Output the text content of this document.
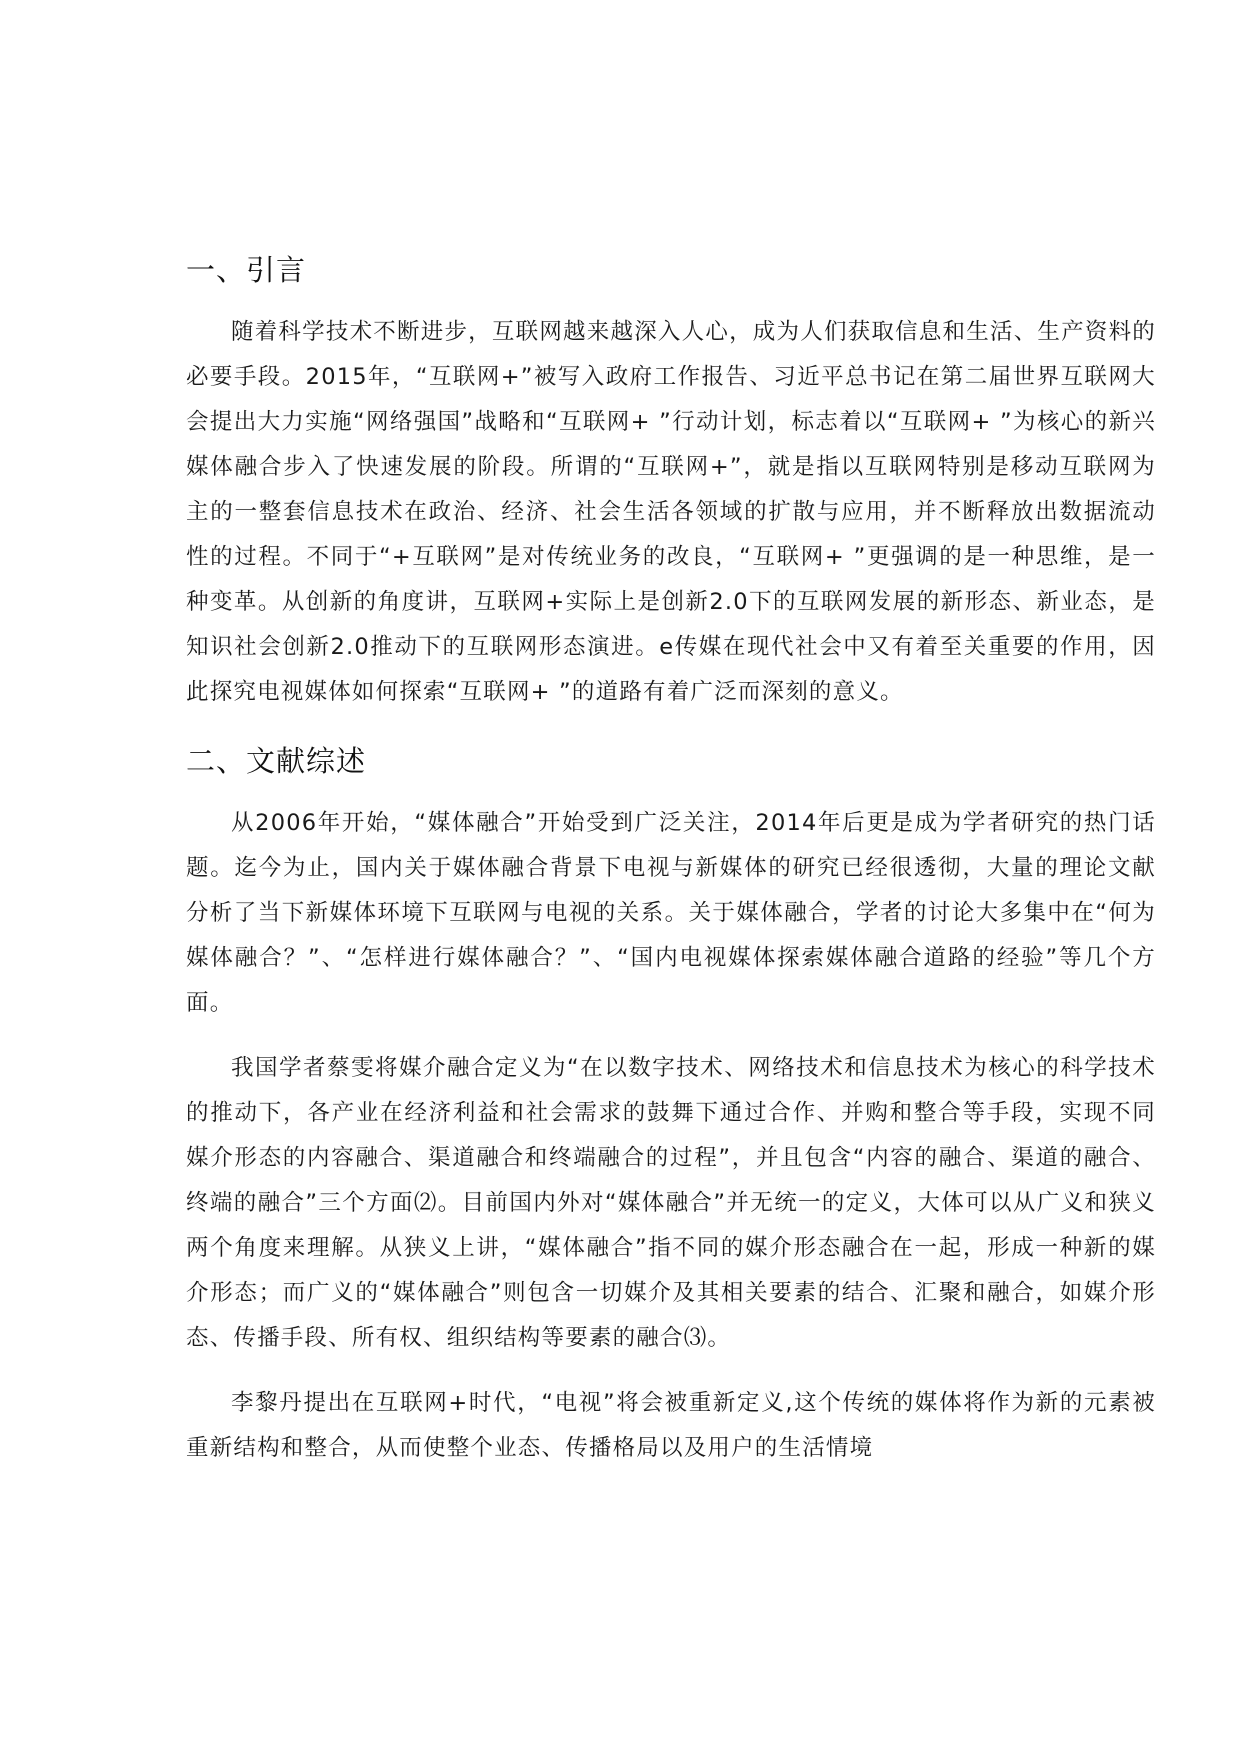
一、引言

随着科学技术不断进步，互联网越来越深入人心，成为人们获取信息和生活、生产资料的必要手段。2015年，“互联网+”被写入政府工作报告、习近平总书记在第二届世界互联网大会提出大力实施“网络强国”战略和“互联网+ ”行动计划，标志着以“互联网+ ”为核心的新兴媒体融合步入了快速发展的阶段。所谓的“互联网+”，就是指以互联网特别是移动互联网为主的一整套信息技术在政治、经济、社会生活各领域的扩散与应用，并不断释放出数据流动性的过程。不同于“+互联网”是对传统业务的改良，“互联网+ ”更强调的是一种思维，是一种变革。从创新的角度讲，互联网+实际上是创新2.0下的互联网发展的新形态、新业态，是知识社会创新2.0推动下的互联网形态演进。e传媒在现代社会中又有着至关重要的作用，因此探究电视媒体如何探索“互联网+ ”的道路有着广泛而深刻的意义。

二、文献综述

从2006年开始，“媒体融合”开始受到广泛关注，2014年后更是成为学者研究的热门话题。迄今为止，国内关于媒体融合背景下电视与新媒体的研究已经很透彻，大量的理论文献分析了当下新媒体环境下互联网与电视的关系。关于媒体融合，学者的讨论大多集中在“何为媒体融合？”、“怎样进行媒体融合？”、“国内电视媒体探索媒体融合道路的经验”等几个方面。

我国学者蔡雯将媒介融合定义为“在以数字技术、网络技术和信息技术为核心的科学技术的推动下，各产业在经济利益和社会需求的鼓舞下通过合作、并购和整合等手段，实现不同媒介形态的内容融合、渠道融合和终端融合的过程”，并且包含“内容的融合、渠道的融合、终端的融合”三个方面⑵。目前国内外对“媒体融合”并无统一的定义，大体可以从广义和狭义两个角度来理解。从狭义上讲，“媒体融合”指不同的媒介形态融合在一起，形成一种新的媒介形态；而广义的“媒体融合”则包含一切媒介及其相关要素的结合、汇聚和融合，如媒介形态、传播手段、所有权、组织结构等要素的融合⑶。

李黎丹提出在互联网+时代，“电视”将会被重新定义,这个传统的媒体将作为新的元素被重新结构和整合，从而使整个业态、传播格局以及用户的生活情境
